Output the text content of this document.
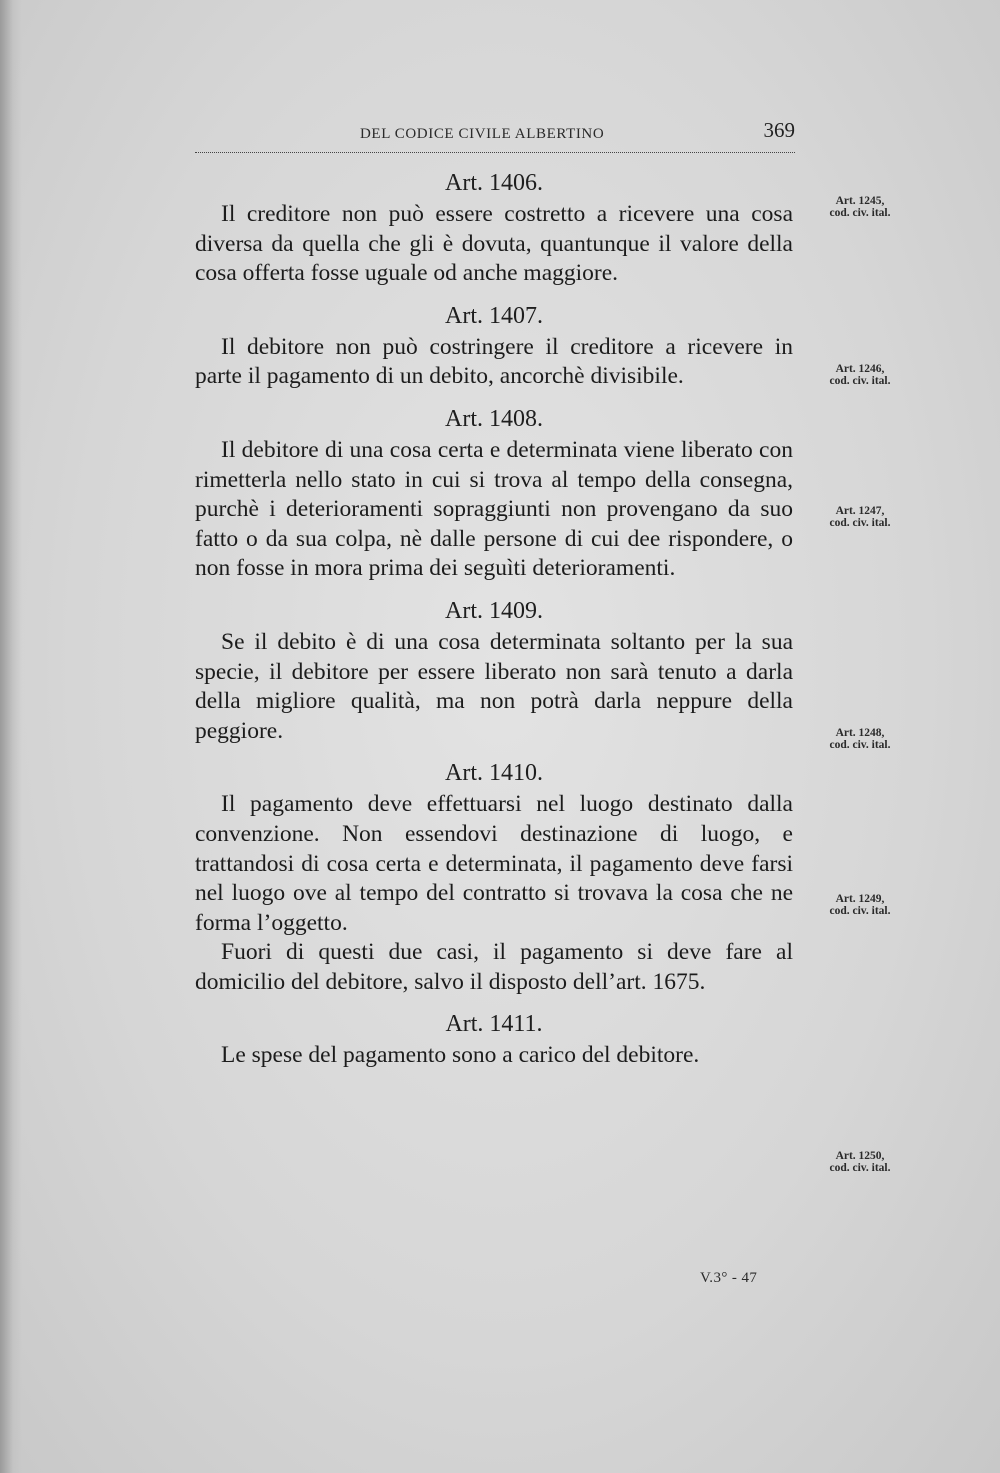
DEL CODICE CIVILE ALBERTINO	369
Art. 1406.

Il creditore non può essere costretto a ricevere una cosa diversa da quella che gli è dovuta, quantunque il valore della cosa offerta fosse uguale od anche maggiore.

Art. 1407.

Il debitore non può costringere il creditore a ricevere in parte il pagamento di un debito, ancorchè divisibile.

Art. 1408.

Il debitore di una cosa certa e determinata viene liberato con rimetterla nello stato in cui si trova al tempo della consegna, purchè i deterioramenti sopraggiunti non provengano da suo fatto o da sua colpa, nè dalle persone di cui dee rispondere, o non fosse in mora prima dei seguìti deterioramenti.

Art. 1409.

Se il debito è di una cosa determinata soltanto per la sua specie, il debitore per essere liberato non sarà tenuto a darla della migliore qualità, ma non potrà darla neppure della peggiore.

Art. 1410.

Il pagamento deve effettuarsi nel luogo destinato dalla convenzione. Non essendovi destinazione di luogo, e trattandosi di cosa certa e determinata, il pagamento deve farsi nel luogo ove al tempo del contratto si trovava la cosa che ne forma l’oggetto.

Fuori di questi due casi, il pagamento si deve fare al domicilio del debitore, salvo il disposto dell’art. 1675.

Art. 1411.

Le spese del pagamento sono a carico del debitore.

Art. 1245,
cod. civ. ital.
Art. 1246,
cod. civ. ital.
Art. 1247,
cod. civ. ital.
Art. 1248,
cod. civ. ital.
Art. 1249,
cod. civ. ital.
Art. 1250,
cod. civ. ital.
V.3° - 47
